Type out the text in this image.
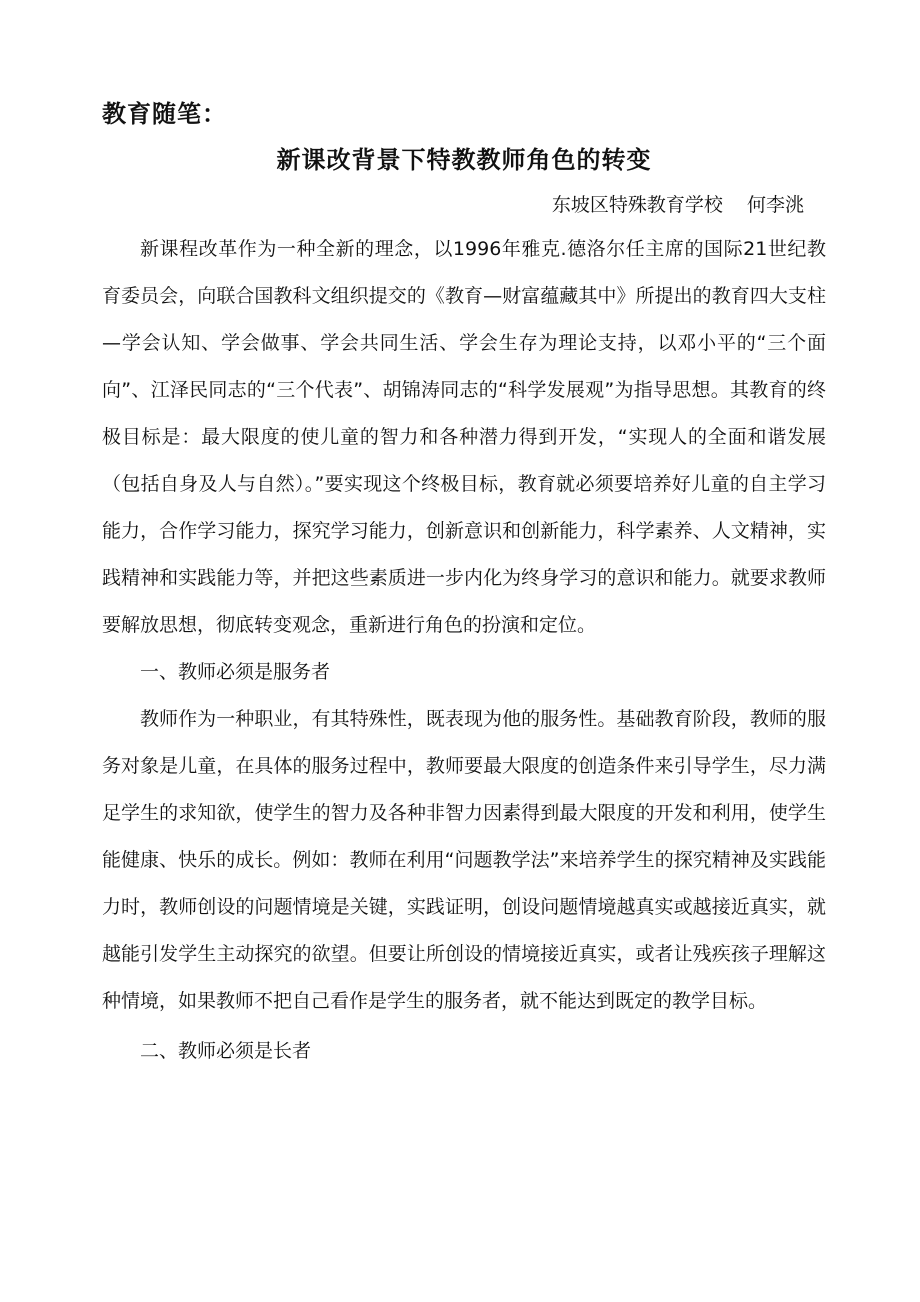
教育随笔：
新课改背景下特教教师角色的转变

东坡区特殊教育学校    何李洮

新课程改革作为一种全新的理念，以1996年雅克.德洛尔任主席的国际21世纪教育委员会，向联合国教科文组织提交的《教育—财富蕴藏其中》所提出的教育四大支柱—学会认知、学会做事、学会共同生活、学会生存为理论支持，以邓小平的“三个面向”、江泽民同志的“三个代表”、胡锦涛同志的“科学发展观”为指导思想。其教育的终极目标是：最大限度的使儿童的智力和各种潜力得到开发，“实现人的全面和谐发展（包括自身及人与自然）。”要实现这个终极目标，教育就必须要培养好儿童的自主学习能力，合作学习能力，探究学习能力，创新意识和创新能力，科学素养、人文精神，实践精神和实践能力等，并把这些素质进一步内化为终身学习的意识和能力。就要求教师要解放思想，彻底转变观念，重新进行角色的扮演和定位。

一、教师必须是服务者

教师作为一种职业，有其特殊性，既表现为他的服务性。基础教育阶段，教师的服务对象是儿童，在具体的服务过程中，教师要最大限度的创造条件来引导学生，尽力满足学生的求知欲，使学生的智力及各种非智力因素得到最大限度的开发和利用，使学生能健康、快乐的成长。例如：教师在利用“问题教学法”来培养学生的探究精神及实践能力时，教师创设的问题情境是关键，实践证明，创设问题情境越真实或越接近真实，就越能引发学生主动探究的欲望。但要让所创设的情境接近真实，或者让残疾孩子理解这种情境，如果教师不把自己看作是学生的服务者，就不能达到既定的教学目标。

二、教师必须是长者
